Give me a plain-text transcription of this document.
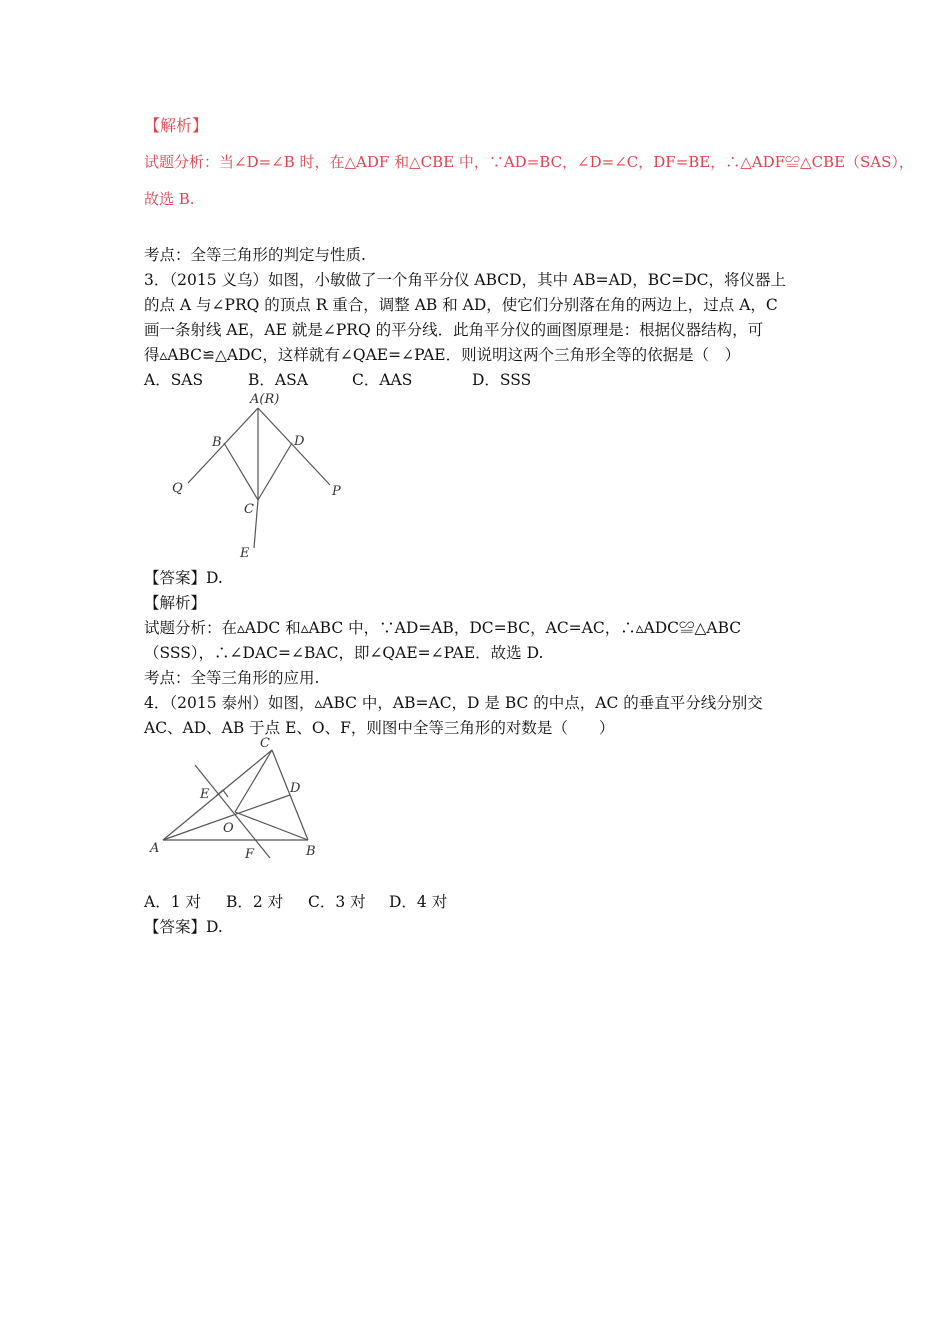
【解析】
试题分析：当∠D=∠B 时，在△ADF 和△CBE 中，∵AD=BC，∠D=∠C，DF=BE，∴△ADF≌△CBE（SAS），
故选 B.
考点：全等三角形的判定与性质.
3．（2015 义乌）如图，小敏做了一个角平分仪 ABCD，其中 AB=AD，BC=DC，将仪器上
的点 A 与∠PRQ 的顶点 R 重合，调整 AB 和 AD，使它们分别落在角的两边上，过点 A，C
画一条射线 AE，AE 就是∠PRQ 的平分线．此角平分仪的画图原理是：根据仪器结构，可
得▵ABC≌△ADC，这样就有∠QAE=∠PAE．则说明这两个三角形全等的依据是（　）
A．SAS	B．ASA	C．AAS	D．SSS
A(R)
B	D
Q
C
P
E
【答案】D.
【解析】
试题分析：在▵ADC 和▵ABC 中，∵AD=AB，DC=BC，AC=AC，∴▵ADC≌△ABC
（SSS），∴∠DAC=∠BAC，即∠QAE=∠PAE．故选 D.
考点：全等三角形的应用.
4．（2015 泰州）如图，▵ABC 中，AB=AC，D 是 BC 的中点，AC 的垂直平分线分别交
AC、AD、AB 于点 E、O、F，则图中全等三角形的对数是（　　）
C
E	D
O
A	F	B
A．1 对 B．2 对 C．3 对 D．4 对
【答案】D.
